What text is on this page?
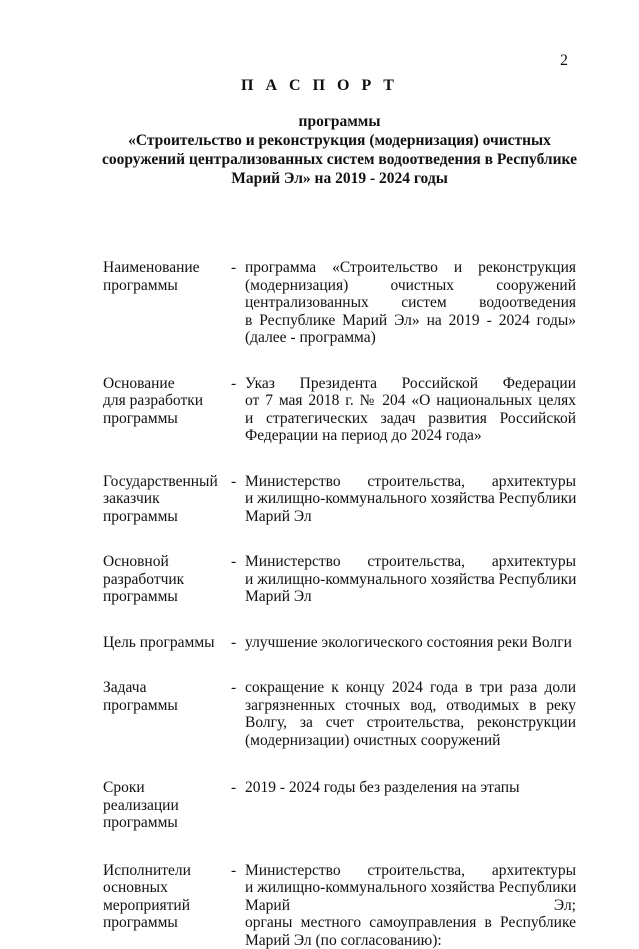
2
П А С П О Р Т
программы
«Строительство и реконструкция (модернизация) очистных
сооружений централизованных систем водоотведения в Республике
Марий Эл» на 2019 - 2024 годы
Наименование
программы
- программа «Строительство и реконструкция
(модернизация) очистных сооружений
централизованных систем водоотведения
в Республике Марий Эл» на 2019 - 2024 годы»
(далее - программа)
Основание
для разработки
программы
- Указ Президента Российской Федерации
от 7 мая 2018 г. № 204 «О национальных целях
и стратегических задач развития Российской
Федерации на период до 2024 года»
Государственный
заказчик
программы
- Министерство строительства, архитектуры
и жилищно-коммунального хозяйства Республики
Марий Эл
Основной
разработчик
программы
- Министерство строительства, архитектуры
и жилищно-коммунального хозяйства Республики
Марий Эл
Цель программы	- улучшение экологического состояния реки Волги
Задача
программы
- сокращение к концу 2024 года в три раза доли
загрязненных сточных вод, отводимых в реку
Волгу, за счет строительства, реконструкции
(модернизации) очистных сооружений
Сроки
реализации
программы
- 2019 - 2024 годы без разделения на этапы
Исполнители
основных
мероприятий
программы
- Министерство строительства, архитектуры
и жилищно-коммунального хозяйства Республики
Марий Эл;
органы местного самоуправления в Республике
Марий Эл (по согласованию):
